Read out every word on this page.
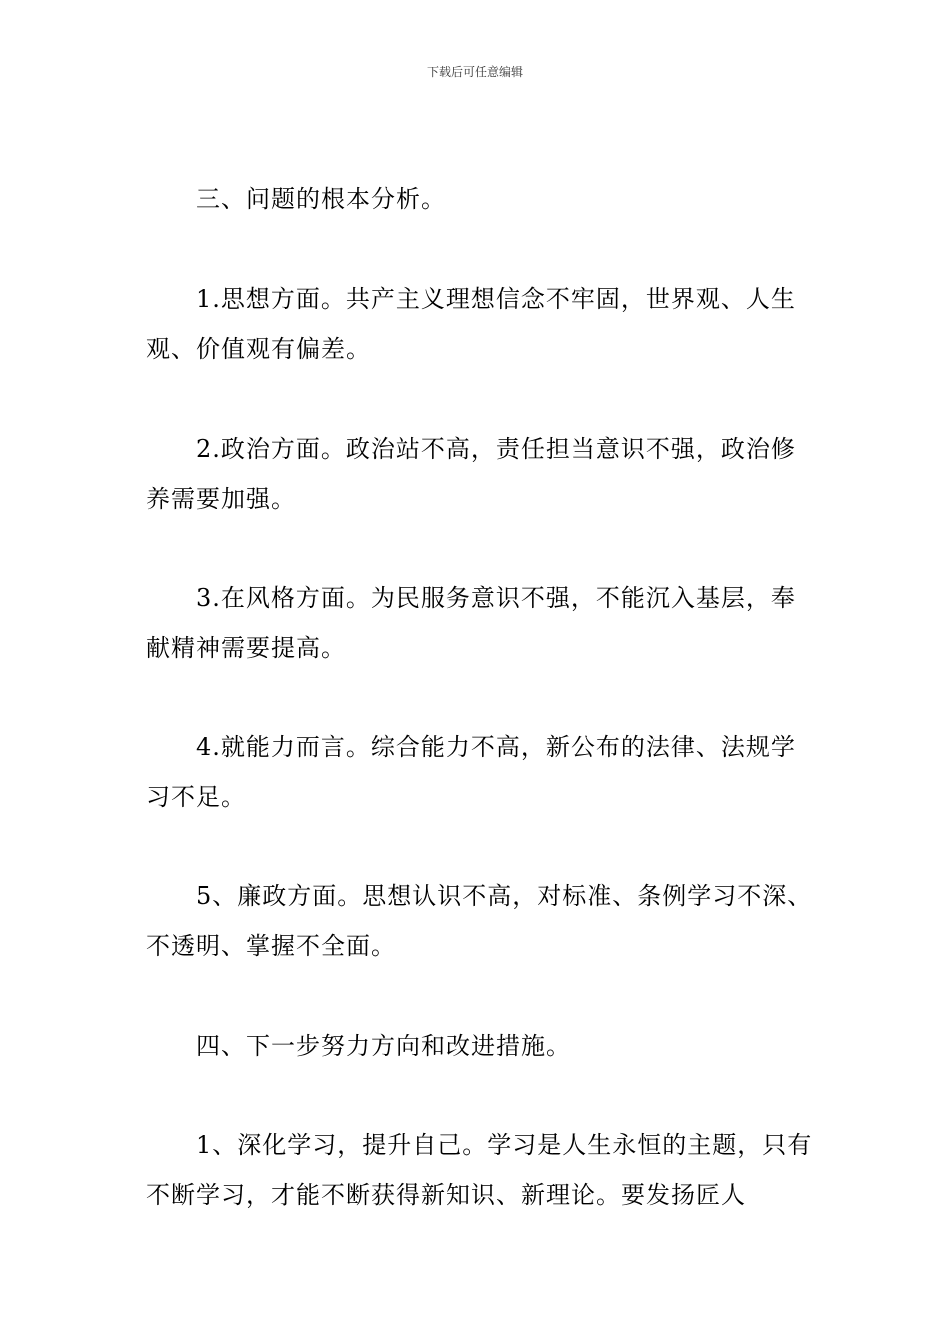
下载后可任意编辑

三、问题的根本分析。

1.思想方面。共产主义理想信念不牢固，世界观、人生观、价值观有偏差。

2.政治方面。政治站不高，责任担当意识不强，政治修养需要加强。

3.在风格方面。为民服务意识不强，不能沉入基层，奉献精神需要提高。

4.就能力而言。综合能力不高，新公布的法律、法规学习不足。

5、廉政方面。思想认识不高，对标准、条例学习不深、不透明、掌握不全面。

四、下一步努力方向和改进措施。

1、深化学习，提升自己。学习是人生永恒的主题，只有不断学习，才能不断获得新知识、新理论。要发扬匠人
